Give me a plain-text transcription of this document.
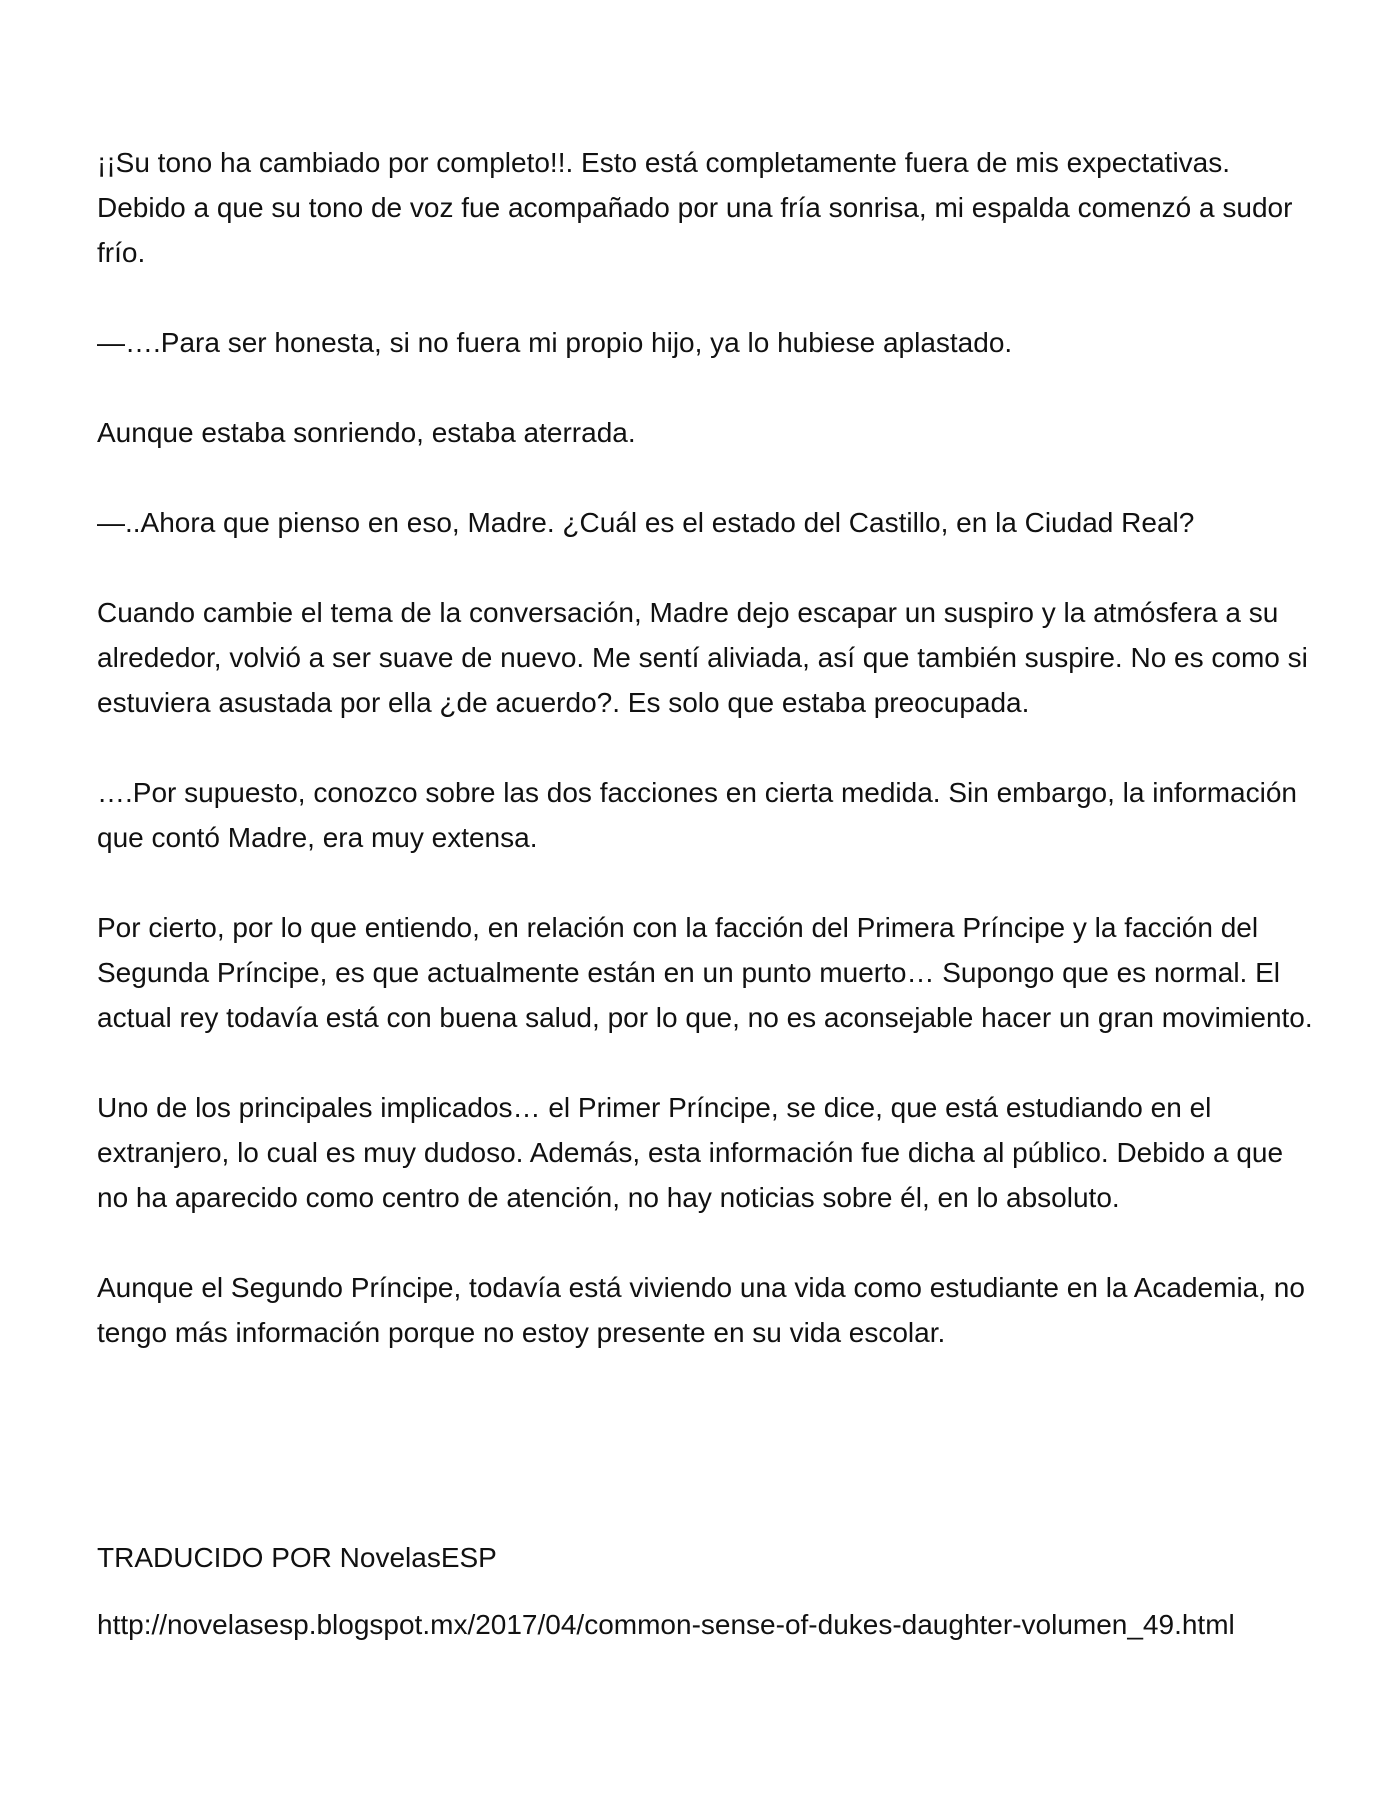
¡¡Su tono ha cambiado por completo!!. Esto está completamente fuera de mis expectativas. Debido a que su tono de voz fue acompañado por una fría sonrisa, mi espalda comenzó a sudor frío.

—….Para ser honesta, si no fuera mi propio hijo, ya lo hubiese aplastado.

Aunque estaba sonriendo, estaba aterrada.

—..Ahora que pienso en eso, Madre. ¿Cuál es el estado del Castillo, en la Ciudad Real?

Cuando cambie el tema de la conversación, Madre dejo escapar un suspiro y la atmósfera a su alrededor, volvió a ser suave de nuevo. Me sentí aliviada, así que también suspire. No es como si estuviera asustada por ella ¿de acuerdo?. Es solo que estaba preocupada.

….Por supuesto, conozco sobre las dos facciones en cierta medida. Sin embargo, la información que contó Madre, era muy extensa.

Por cierto, por lo que entiendo, en relación con la facción del Primera Príncipe y la facción del Segunda Príncipe, es que actualmente están en un punto muerto… Supongo que es normal. El actual rey todavía está con buena salud, por lo que, no es aconsejable hacer un gran movimiento.

Uno de los principales implicados… el Primer Príncipe, se dice, que está estudiando en el extranjero, lo cual es muy dudoso. Además, esta información fue dicha al público. Debido a que no ha aparecido como centro de atención, no hay noticias sobre él, en lo absoluto.

Aunque el Segundo Príncipe, todavía está viviendo una vida como estudiante en la Academia, no tengo más información porque no estoy presente en su vida escolar.

TRADUCIDO POR NovelasESP

http://novelasesp.blogspot.mx/2017/04/common-sense-of-dukes-daughter-volumen_49.html
